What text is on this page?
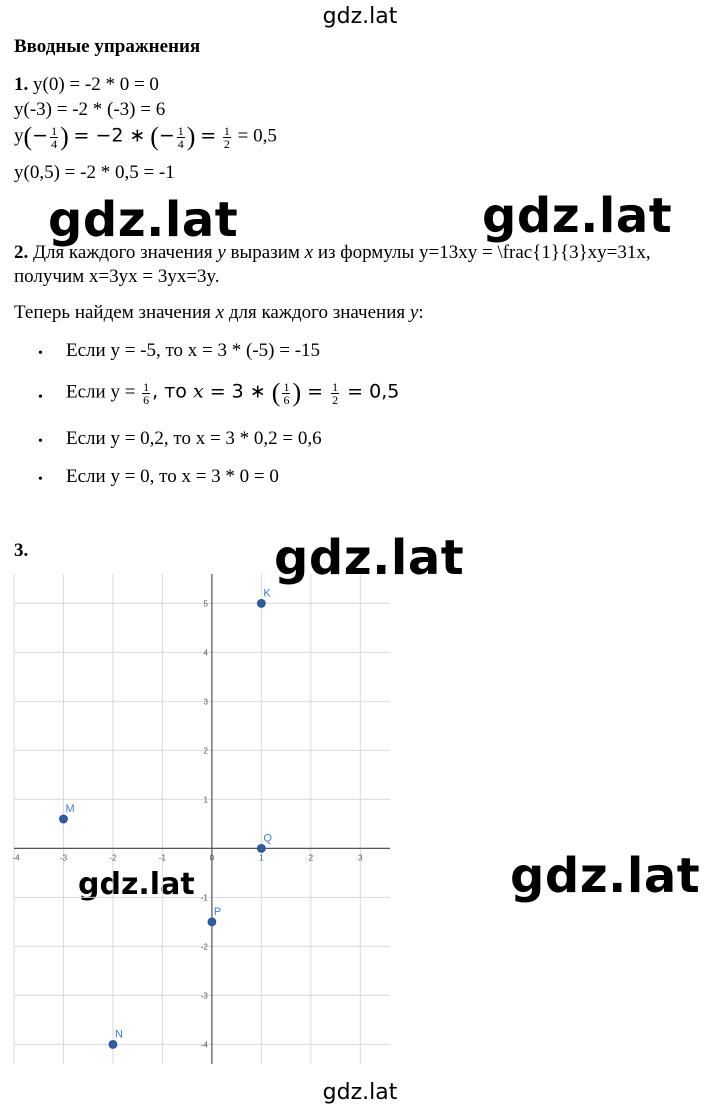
gdz.lat
gdz.lat	gdz.lat
gdz.lat
gdz.lat
gdz.lat
gdz.lat
Вводные упражнения
1. y(0) = -2 * 0 = 0
y(-3) = -2 * (-3) = 6
$y(- \frac{1}{4}$ ) = −2 ∗ (− $\frac{1}{4}$ ) = $\frac{1}{2} = 0,5$
y(0,5) = -2 * 0,5 = -1
2. Для каждого значения y выразим x из формулы y=13xy = \frac{1}{3}xy=31x,
получим x=3yx = 3yx=3y.
Теперь найдем значения x для каждого значения y:
• Если y = -5, то x = 3 * (-5) = -15
• Если $y = \frac{1}{6}$ , то x = 3 ∗ ( $\frac{1}{6}$ ) = $\frac{1}{2} = 0,5$
• Если y = 0,2, то x = 3 * 0,2 = 0,6
• Если y = 0, то x = 3 * 0 = 0
3.
-4	-3	-2	-1	0	1	2	3
-4
-3
-2
-1
1
2
3
4
5
K
M
Q
P
N
